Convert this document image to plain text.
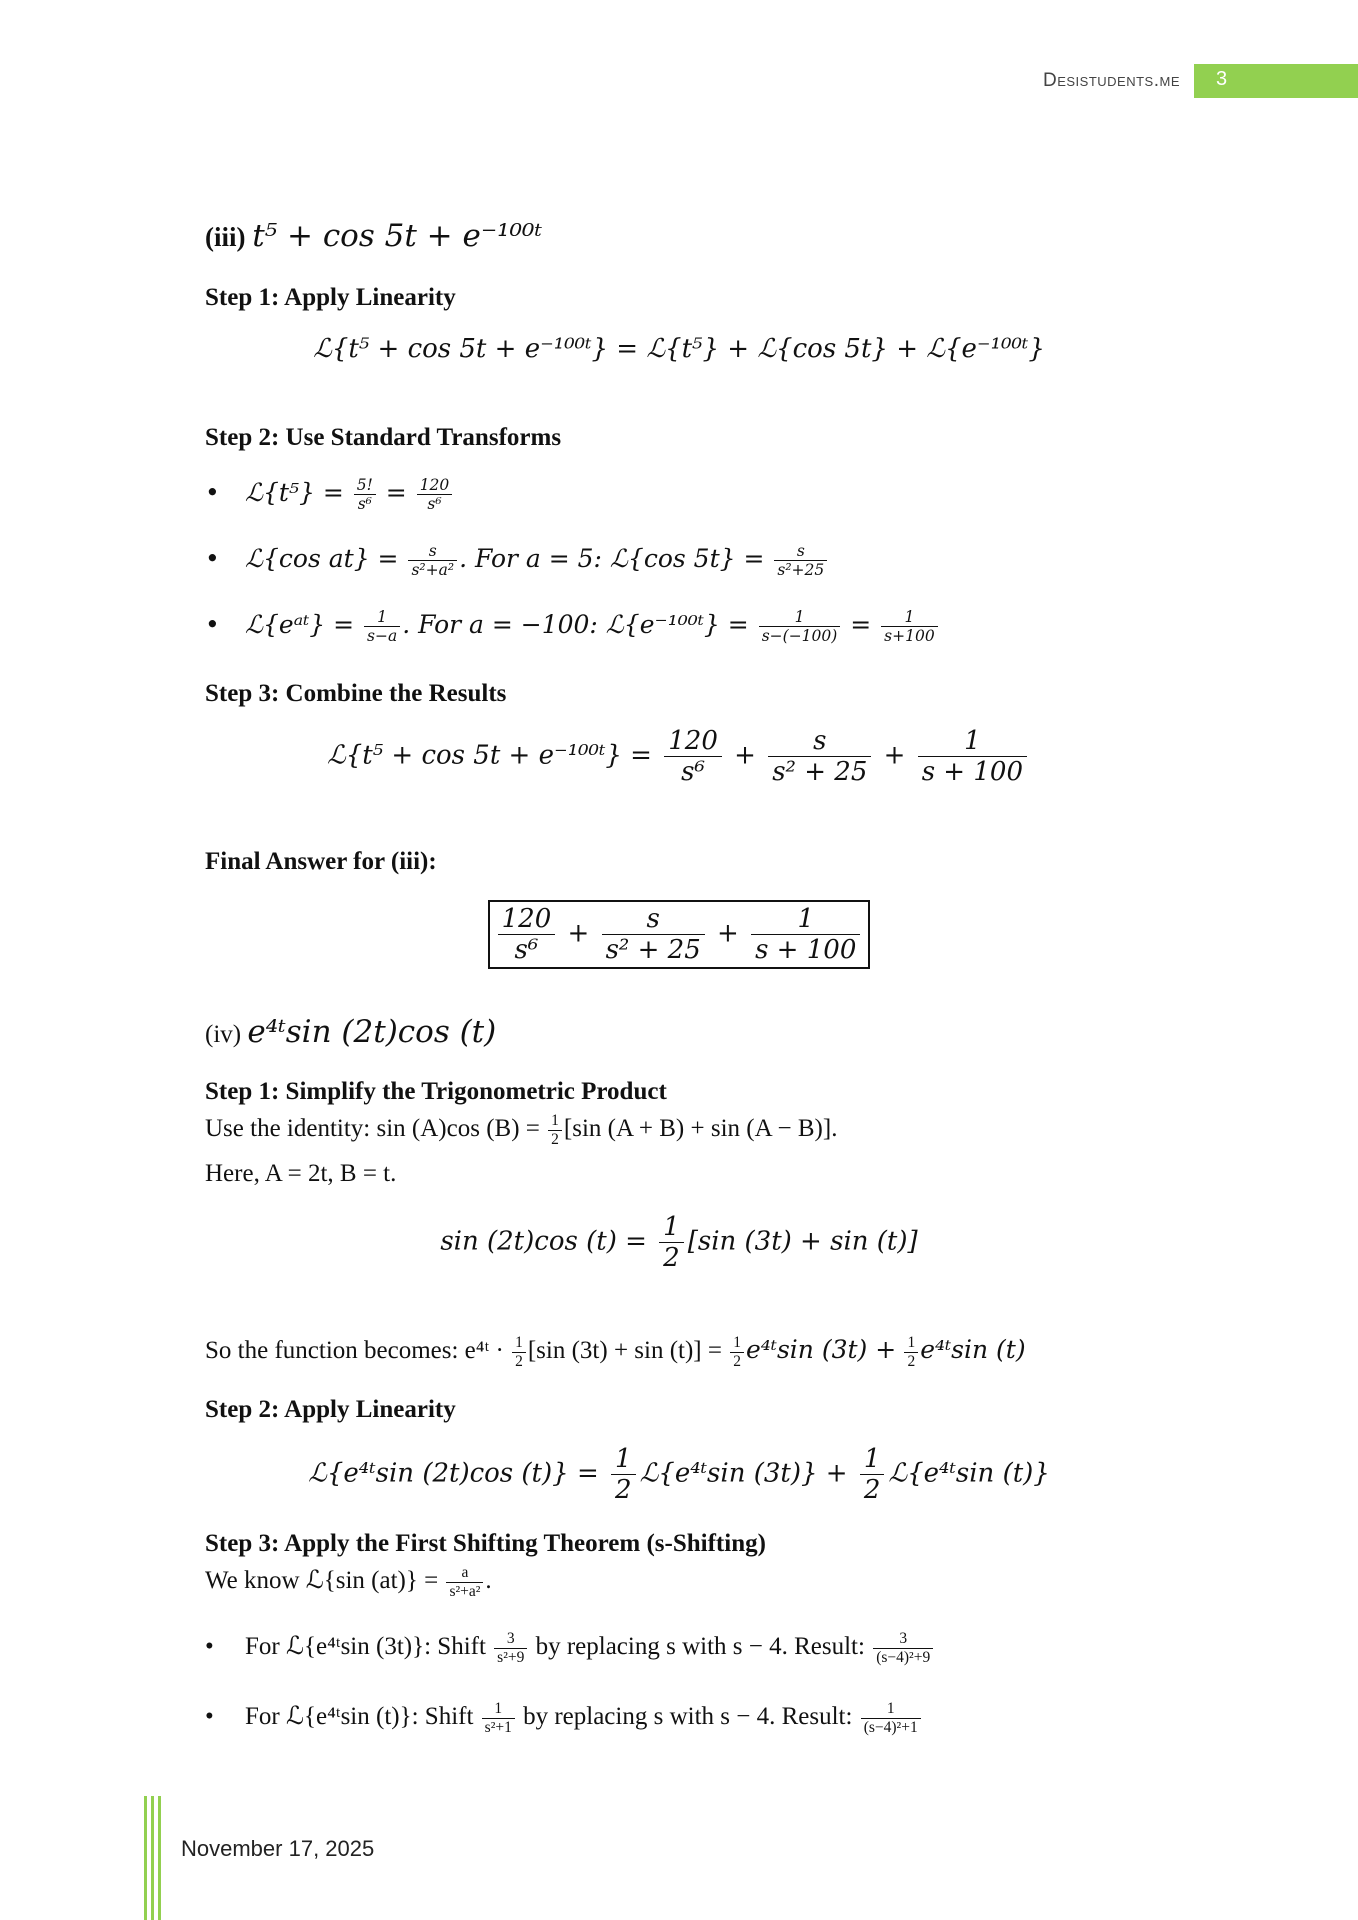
Desistudents.me 3
(iii) t⁵ + cos 5t + e⁻¹⁰⁰ᵗ
Step 1: Apply Linearity
ℒ{t⁵ + cos 5t + e⁻¹⁰⁰ᵗ} = ℒ{t⁵} + ℒ{cos 5t} + ℒ{e⁻¹⁰⁰ᵗ}
Step 2: Use Standard Transforms
• ℒ{t⁵} = $\frac{5!}{\text{s⁶}} = \frac{120}{\text{s⁶}}$
• ℒ{cos $at\} = \frac{s}{\text{s²+a²}}$ . For a = 5: ℒ{cos $5t\} = \frac{s}{\text{s²+25}}$
• ℒ{eᵃᵗ} = $\frac{1}{s-a}$ . For a = −100: ℒ{e⁻¹⁰⁰ᵗ} = $\frac{1}{s-(-100)} = \frac{1}{s+100}$
Step 3: Combine the Results
ℒ{t⁵ + cos 5t + e⁻¹⁰⁰ᵗ} = $\frac{120}{\text{s⁶}} + \frac{s}{\text{s² + 25}} + \frac{1}{s + 100}$
Final Answer for (iii):
$\frac{120}{\text{s⁶}} + \frac{s}{\text{s² + 25}} + \frac{1}{s + 100}$
(iv) e⁴ᵗsin (2t)cos (t)
Step 1: Simplify the Trigonometric Product
Use the identity: sin (A)cos $(B) = \frac{1}{2} [\sin$ (A + B) + sin (A − B)].
Here, A = 2t, B = t.
sin (2t)cos $(t) = \frac{1}{2} [\sin$ (3t) + sin (t)]
So the function becomes: e⁴ᵗ · $\frac{1}{2} [\sin$ $(3t) + \sin (t)] = \frac{1}{2}$ e⁴ᵗsin $(3t) + \frac{1}{2}$ e⁴ᵗsin (t)
Step 2: Apply Linearity
ℒ{e⁴ᵗsin (2t)cos $(t)\} = \frac{1}{2}$ ℒ{e⁴ᵗsin $(3t)\} + \frac{1}{2}$ ℒ{e⁴ᵗsin (t)}
Step 3: Apply the First Shifting Theorem (s-Shifting)
We know ℒ{sin $(at)\} = \frac{a}{\text{s²+a²}}$ .
• For ℒ{e⁴ᵗsin (3t)}: Shift $\frac{3}{\text{s²+9}}$ by replacing s with s − 4. Result: $\frac{3}{\text{(s−4)²+9}}$
• For ℒ{e⁴ᵗsin (t)}: Shift $\frac{1}{\text{s²+1}}$ by replacing s with s − 4. Result: $\frac{1}{\text{(s−4)²+1}}$
November 17, 2025
